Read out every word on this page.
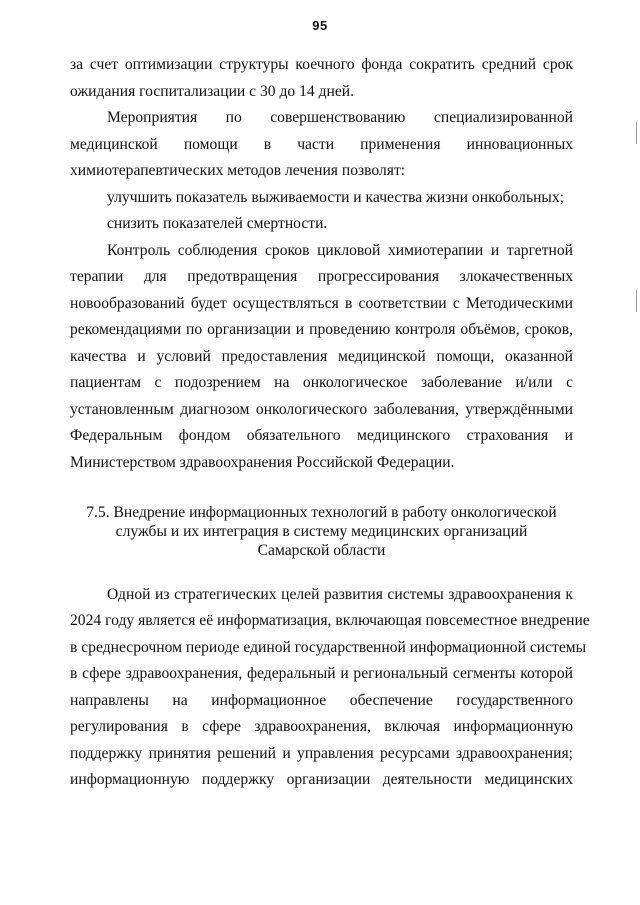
95
за счет оптимизации структуры коечного фонда сократить средний срок
ожидания госпитализации с 30 до 14 дней.
Мероприятия по совершенствованию специализированной
медицинской помощи в части применения инновационных
химиотерапевтических методов лечения позволят:
улучшить показатель выживаемости и качества жизни онкобольных;
снизить показателей смертности.
Контроль соблюдения сроков цикловой химиотерапии и таргетной
терапии для предотвращения прогрессирования злокачественных
новообразований будет осуществляться в соответствии с Методическими
рекомендациями по организации и проведению контроля объёмов, сроков,
качества и условий предоставления медицинской помощи, оказанной
пациентам с подозрением на онкологическое заболевание и/или с
установленным диагнозом онкологического заболевания, утверждёнными
Федеральным фондом обязательного медицинского страхования и
Министерством здравоохранения Российской Федерации.
7.5. Внедрение информационных технологий в работу онкологической
службы и их интеграция в систему медицинских организаций
Самарской области
Одной из стратегических целей развития системы здравоохранения к
2024 году является её информатизация, включающая повсеместное внедрение
в среднесрочном периоде единой государственной информационной системы
в сфере здравоохранения, федеральный и региональный сегменты которой
направлены на информационное обеспечение государственного
регулирования в сфере здравоохранения, включая информационную
поддержку принятия решений и управления ресурсами здравоохранения;
информационную поддержку организации деятельности медицинских
